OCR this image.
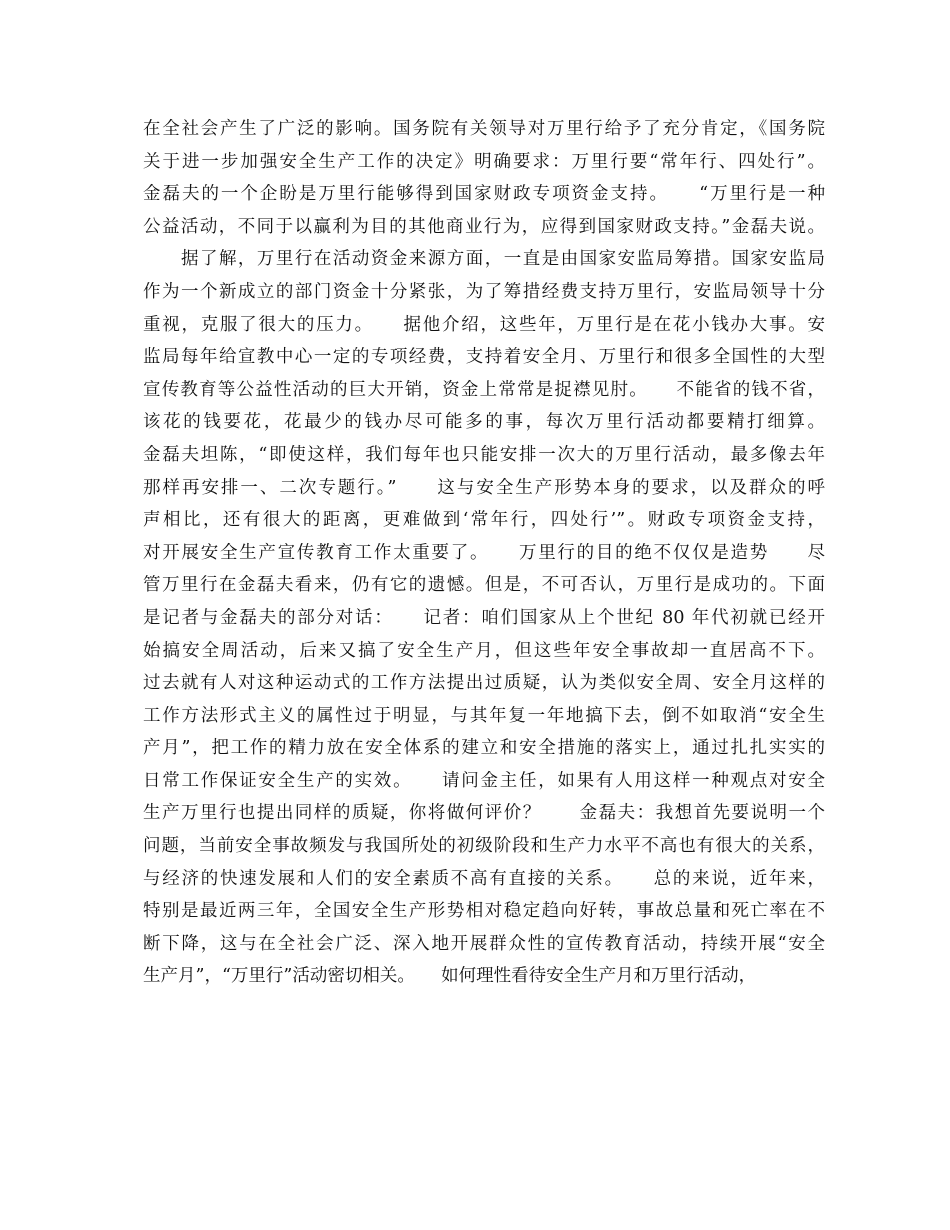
在全社会产生了广泛的影响。国务院有关领导对万里行给予了充分肯定，《国务院
关于进一步加强安全生产工作的决定》明确要求：万里行要“常年行、四处行”。
金磊夫的一个企盼是万里行能够得到国家财政专项资金支持。　　“万里行是一种
公益活动，不同于以赢利为目的其他商业行为，应得到国家财政支持。”金磊夫说。
　　据了解，万里行在活动资金来源方面，一直是由国家安监局筹措。国家安监局
作为一个新成立的部门资金十分紧张，为了筹措经费支持万里行，安监局领导十分
重视，克服了很大的压力。　　据他介绍，这些年，万里行是在花小钱办大事。安
监局每年给宣教中心一定的专项经费，支持着安全月、万里行和很多全国性的大型
宣传教育等公益性活动的巨大开销，资金上常常是捉襟见肘。　　不能省的钱不省，
该花的钱要花，花最少的钱办尽可能多的事，每次万里行活动都要精打细算。
金磊夫坦陈，“即使这样，我们每年也只能安排一次大的万里行活动，最多像去年
那样再安排一、二次专题行。”　　这与安全生产形势本身的要求，以及群众的呼
声相比，还有很大的距离，更难做到‘常年行，四处行’”。财政专项资金支持，
对开展安全生产宣传教育工作太重要了。　　万里行的目的绝不仅仅是造势　　尽
管万里行在金磊夫看来，仍有它的遗憾。但是，不可否认，万里行是成功的。下面
是记者与金磊夫的部分对话：　　记者：咱们国家从上个世纪 80 年代初就已经开
始搞安全周活动，后来又搞了安全生产月，但这些年安全事故却一直居高不下。
过去就有人对这种运动式的工作方法提出过质疑，认为类似安全周、安全月这样的
工作方法形式主义的属性过于明显，与其年复一年地搞下去，倒不如取消“安全生
产月”，把工作的精力放在安全体系的建立和安全措施的落实上，通过扎扎实实的
日常工作保证安全生产的实效。　　请问金主任，如果有人用这样一种观点对安全
生产万里行也提出同样的质疑，你将做何评价？　　金磊夫：我想首先要说明一个
问题，当前安全事故频发与我国所处的初级阶段和生产力水平不高也有很大的关系，
与经济的快速发展和人们的安全素质不高有直接的关系。　　总的来说，近年来，
特别是最近两三年，全国安全生产形势相对稳定趋向好转，事故总量和死亡率在不
断下降，这与在全社会广泛、深入地开展群众性的宣传教育活动，持续开展“安全
生产月”，“万里行”活动密切相关。　　如何理性看待安全生产月和万里行活动，
